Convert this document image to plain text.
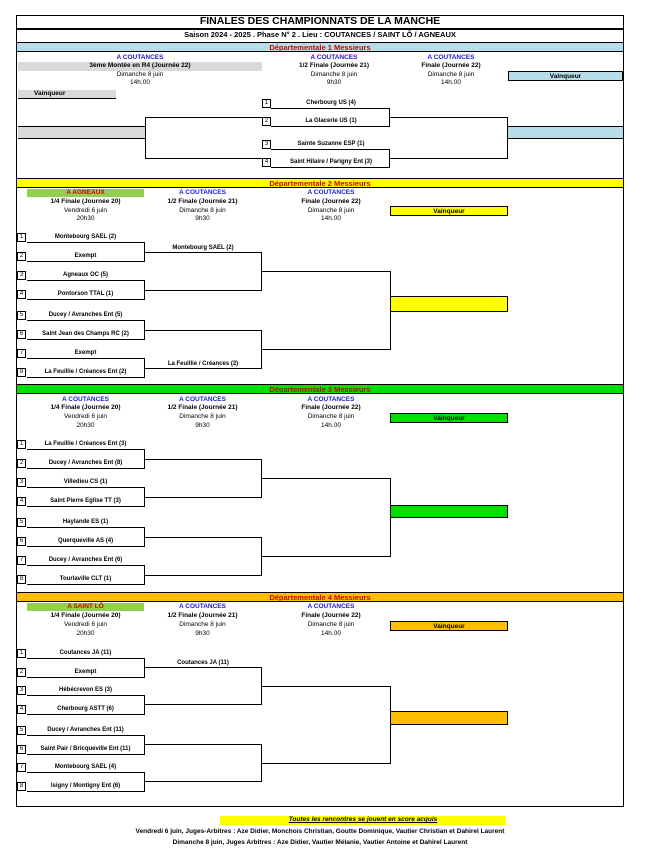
FINALES DES CHAMPIONNATS DE LA MANCHE
Saison 2024 - 2025 . Phase N° 2 . Lieu : COUTANCES / SAINT LÔ / AGNEAUX
Départementale 1 Messieurs
A COUTANCES
3ème Montée en R4 (Journée 22)
Dimanche 8 juin
14h.00
A COUTANCES
1/2 Finale (Journée 21)
Dimanche 8 juin
9h30
A COUTANCES
Finale (Journée 22)
Dimanche 8 juin
14h.00
Vainqueur
Vainqueur
1	Cherbourg US (4)
2	La Glacerie US (1)
3	Sainte Suzanne ESP (1)
4	Saint Hilaire / Parigny Ent (3)
Départementale 2 Messieurs
A AGNEAUX
1/4 Finale (Journée 20)
Vendredi 6 juin
20h30
A COUTANCES
1/2 Finale (Journée 21)
Dimanche 8 juin
9h30
A COUTANCES
Finale (Journée 22)
Dimanche 8 juin
14h.00
Vainqueur
1	Montebourg SAEL (2)
2	Exempt
3	Agneaux OC (5)
4	Pontorson TTAL (1)
5	Ducey / Avranches Ent (5)
6	Saint Jean des Champs RC (2)
7	Exempt
8	La Feuillie / Créances Ent (2)
Montebourg SAEL (2)
La Feuillie / Créances (2)
Départementale 3 Messieurs
A COUTANCES
1/4 Finale (Journée 20)
Vendredi 6 juin
20h30
A COUTANCES
1/2 Finale (Journée 21)
Dimanche 8 juin
9h30
A COUTANCES
Finale (Journée 22)
Dimanche 8 juin
14h.00
Vainqueur
1	La Feuillie / Créances Ent (3)
2	Ducey / Avranches Ent (8)
3	Villedieu CS (1)
4	Saint Pierre Eglise TT (3)
5	Haylande ES (1)
6	Querqueville AS (4)
7	Ducey / Avranches Ent (6)
8	Tourlaville CLT (1)
Départementale 4 Messieurs
A SAINT LÔ
1/4 Finale (Journée 20)
Vendredi 6 juin
20h30
A COUTANCES
1/2 Finale (Journée 21)
Dimanche 8 juin
9h30
A COUTANCES
Finale (Journée 22)
Dimanche 8 juin
14h.00
Vainqueur
1	Coutances JA (11)
2	Exempt
3	Hébécrevon ES (3)
4	Cherbourg ASTT (6)
5	Ducey / Avranches Ent (11)
6	Saint Pair / Bricqueville Ent (11)
7	Montebourg SAEL (4)
8	Isigny / Montigny Ent (6)
Coutances JA (11)
Toutes les rencontres se jouent en score acquis
Vendredi 6 juin, Juges-Arbitres : Aze Didier, Monchois Christian, Goutte Dominique, Vautier Christian et Dahirel Laurent
Dimanche 8 juin, Juges Arbitres : Aze Didier, Vautier Mélanie, Vautier Antoine et Dahirel Laurent
